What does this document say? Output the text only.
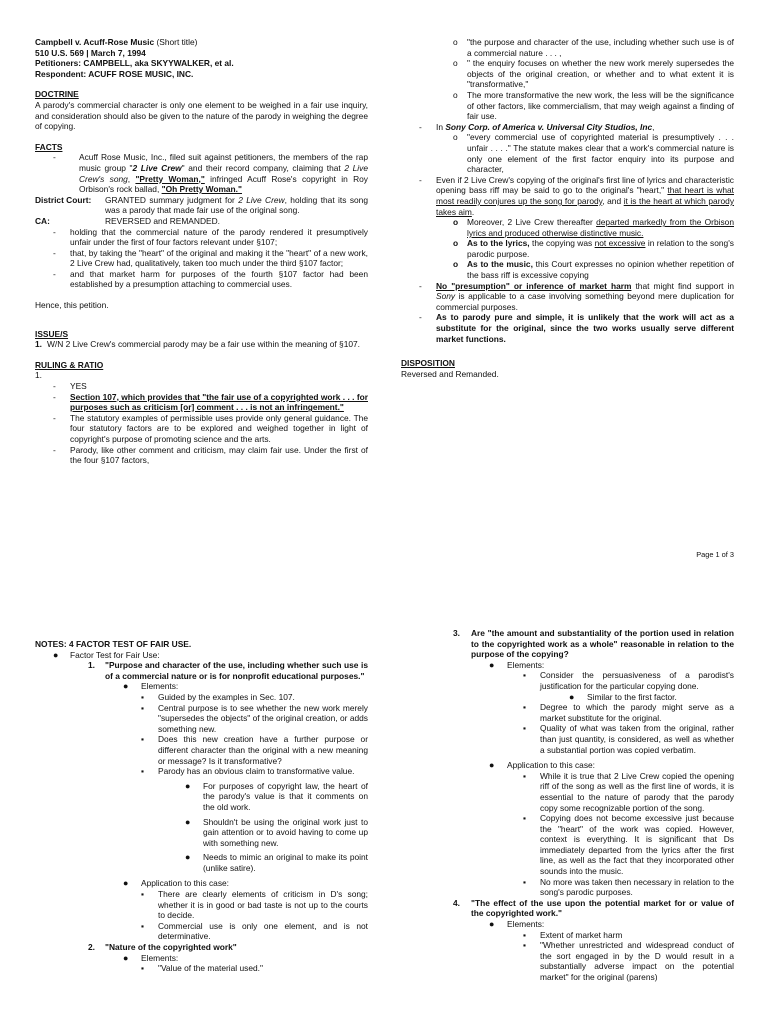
Campbell v. Acuff-Rose Music (Short title)
510 U.S. 569 | March 7, 1994
Petitioners: CAMPBELL, aka SKYYWALKER, et al.
Respondent: ACUFF ROSE MUSIC, INC.
DOCTRINE
A parody's commercial character is only one element to be weighed in a fair use inquiry, and consideration should also be given to the nature of the parody in weighing the degree of copying.
FACTS
-	Acuff Rose Music, Inc., filed suit against petitioners, the members of the rap music group "2 Live Crew" and their record company, claiming that 2 Live Crew's song, "Pretty Woman," infringed Acuff Rose's copyright in Roy Orbison's rock ballad, "Oh Pretty Woman."
District Court:	GRANTED summary judgment for 2 Live Crew, holding that its song was a parody that made fair use of the original song.
CA:	REVERSED and REMANDED.
-	holding that the commercial nature of the parody rendered it presumptively unfair under the first of four factors relevant under §107;
-	that, by taking the "heart" of the original and making it the "heart" of a new work, 2 Live Crew had, qualitatively, taken too much under the third §107 factor;
-	and that market harm for purposes of the fourth §107 factor had been established by a presumption attaching to commercial uses.
Hence, this petition.
ISSUE/S
1. W/N 2 Live Crew's commercial parody may be a fair use within the meaning of §107.
RULING & RATIO
1.
-	YES
-	Section 107, which provides that "the fair use of a copyrighted work . . . for purposes such as criticism [or] comment . . . is not an infringement."
-	The statutory examples of permissible uses provide only general guidance. The four statutory factors are to be explored and weighed together in light of copyright's purpose of promoting science and the arts.
-	Parody, like other comment and criticism, may claim fair use. Under the first of the four §107 factors,
o	"the purpose and character of the use, including whether such use is of a commercial nature . . . ,
o	" the enquiry focuses on whether the new work merely supersedes the objects of the original creation, or whether and to what extent it is "transformative,"
o	The more transformative the new work, the less will be the significance of other factors, like commercialism, that may weigh against a finding of fair use.
-	In Sony Corp. of America v. Universal City Studios, Inc,
o	"every commercial use of copyrighted material is presumptively . . . unfair . . . ." The statute makes clear that a work's commercial nature is only one element of the first factor enquiry into its purpose and character,
-	Even if 2 Live Crew's copying of the original's first line of lyrics and characteristic opening bass riff may be said to go to the original's "heart," that heart is what most readily conjures up the song for parody, and it is the heart at which parody takes aim.
o	Moreover, 2 Live Crew thereafter departed markedly from the Orbison lyrics and produced otherwise distinctive music.
o	As to the lyrics, the copying was not excessive in relation to the song's parodic purpose.
o	As to the music, this Court expresses no opinion whether repetition of the bass riff is excessive copying
-	No "presumption" or inference of market harm that might find support in Sony is applicable to a case involving something beyond mere duplication for commercial purposes.
-	As to parody pure and simple, it is unlikely that the work will act as a substitute for the original, since the two works usually serve different market functions.
DISPOSITION
Reversed and Remanded.
Page 1 of 3
NOTES: 4 FACTOR TEST OF FAIR USE.
●	Factor Test for Fair Use:
1.	"Purpose and character of the use, including whether such use is of a commercial nature or is for nonprofit educational purposes."
●	Elements:
▪	Guided by the examples in Sec. 107.
▪	Central purpose is to see whether the new work merely "supersedes the objects" of the original creation, or adds something new.
▪	Does this new creation have a further purpose or different character than the original with a new meaning or message? Is it transformative?
▪	Parody has an obvious claim to transformative value.
●	For purposes of copyright law, the heart of the parody's value is that it comments on the old work.
●	Shouldn't be using the original work just to gain attention or to avoid having to come up with something new.
●	Needs to mimic an original to make its point (unlike satire).
●	Application to this case:
▪	There are clearly elements of criticism in D's song; whether it is in good or bad taste is not up to the courts to decide.
▪	Commercial use is only one element, and is not determinative.
2.	"Nature of the copyrighted work"
●	Elements:
▪	"Value of the material used."
3.	Are "the amount and substantiality of the portion used in relation to the copyrighted work as a whole" reasonable in relation to the purpose of the copying?
●	Elements:
▪	Consider the persuasiveness of a parodist's justification for the particular copying done.
●	Similar to the first factor.
▪	Degree to which the parody might serve as a market substitute for the original.
▪	Quality of what was taken from the original, rather than just quantity, is considered, as well as whether a substantial portion was copied verbatim.
●	Application to this case:
▪	While it is true that 2 Live Crew copied the opening riff of the song as well as the first line of words, it is essential to the nature of parody that the parody copy some recognizable portion of the song.
▪	Copying does not become excessive just because the "heart" of the work was copied. However, context is everything. It is significant that Ds immediately departed from the lyrics after the first line, as well as the fact that they incorporated other sounds into the music.
▪	No more was taken then necessary in relation to the song's parodic purposes.
4.	"The effect of the use upon the potential market for or value of the copyrighted work."
●	Elements:
▪	Extent of market harm
▪	"Whether unrestricted and widespread conduct of the sort engaged in by the D would result in a substantially adverse impact on the potential market" for the original (parens)
